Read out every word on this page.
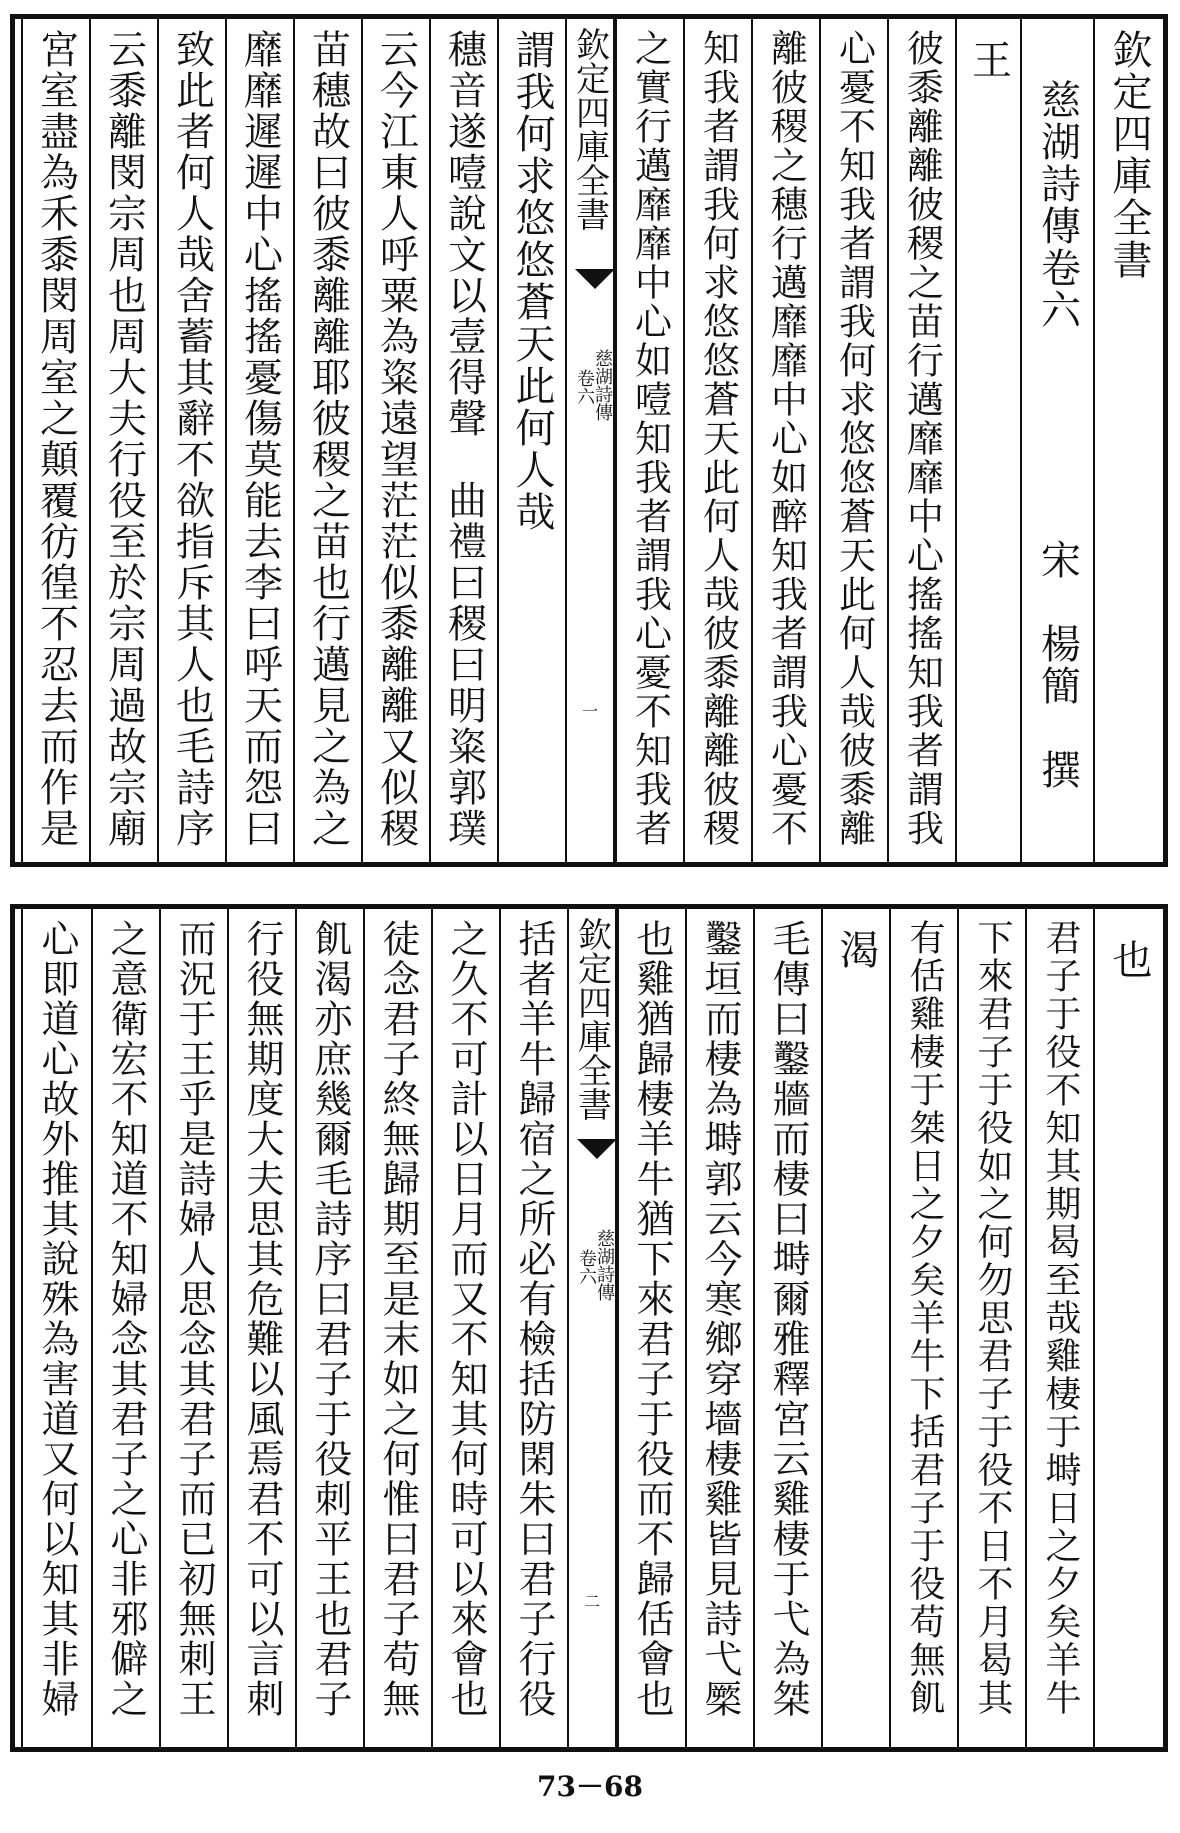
欽定四庫全書
慈湖詩傳卷六
宋　楊簡　撰
王
彼黍離離彼稷之苗行邁靡靡中心搖搖知我者謂我
心憂不知我者謂我何求悠悠蒼天此何人哉彼黍離
離彼稷之穗行邁靡靡中心如醉知我者謂我心憂不
知我者謂我何求悠悠蒼天此何人哉彼黍離離彼稷
之實行邁靡靡中心如噎知我者謂我心憂不知我者
欽定四庫全書
慈湖詩傳
卷六
一
謂我何求悠悠蒼天此何人哉
穗音遂噎說文以壹得聲　曲禮曰稷曰明粢郭璞
云今江東人呼粟為粢遠望茫茫似黍離離又似稷
苗穗故曰彼黍離離耶彼稷之苗也行邁見之為之
靡靡遲遲中心搖搖憂傷莫能去李曰呼天而怨曰
致此者何人哉舍蓄其辭不欲指斥其人也毛詩序
云黍離閔宗周也周大夫行役至於宗周過故宗廟
宮室盡為禾黍閔周室之顛覆彷徨不忍去而作是
也
君子于役不知其期曷至哉雞棲于塒日之夕矣羊牛
下來君子于役如之何勿思君子于役不日不月曷其
有佸雞棲于桀日之夕矣羊牛下括君子于役苟無飢
渴
毛傳曰鑿牆而棲曰塒爾雅釋宮云雞棲于弋為桀
鑿垣而棲為塒郭云今寒鄉穿墻棲雞皆見詩弋橜
也雞猶歸棲羊牛猶下來君子于役而不歸佸會也
欽定四庫全書
慈湖詩傳
卷六
二
括者羊牛歸宿之所必有檢括防閑朱曰君子行役
之久不可計以日月而又不知其何時可以來會也
徒念君子終無歸期至是末如之何惟曰君子苟無
飢渴亦庶幾爾毛詩序曰君子于役刺平王也君子
行役無期度大夫思其危難以風焉君不可以言刺
而況于王乎是詩婦人思念其君子而已初無刺王
之意衛宏不知道不知婦念其君子之心非邪僻之
心即道心故外推其說殊為害道又何以知其非婦
73－68
